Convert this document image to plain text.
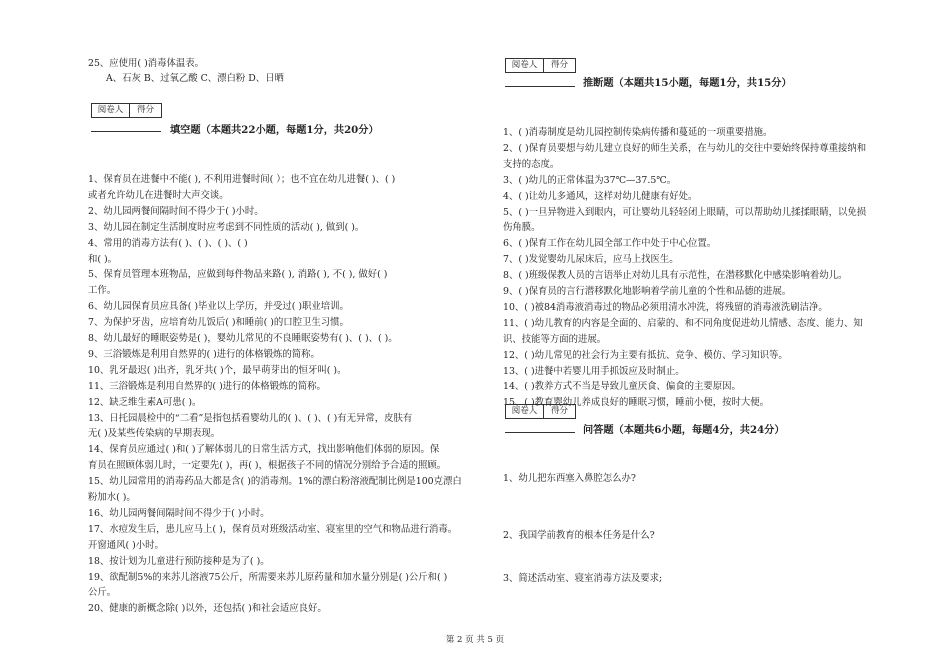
25、应使用( )消毒体温表。
A、石灰 B、过氧乙酸 C、漂白粉 D、日晒
阅卷人	得分
填空题（本题共22小题，每题1分，共20分）
1、保育员在进餐中不能( ), 不利用进餐时间( ）；也不宜在幼儿进餐( )、( )
或者允许幼儿在进餐时大声交谈。
2、幼儿园两餐间隔时间不得少于( )小时。
3、幼儿园在制定生活制度时应考虑到不同性质的活动( ), 做到( )。
4、常用的消毒方法有( )、( )、( )、( )
和( )。
5、保育员管理本班物品，应做到每件物品来路( ), 消路( ), 不( ), 做好( )
工作。
6、幼儿园保育员应具备( )毕业以上学历，并受过( )职业培训。
7、为保护牙齿，应培育幼儿饭后( )和睡前( )的口腔卫生习惯。
8、幼儿最好的睡眠姿势是( )，婴幼儿常见的不良睡眠姿势有( )、( )、( )。
9、三浴锻炼是利用自然界的( )进行的体格锻炼的简称。
10、乳牙最迟( )出齐，乳牙共( )个，最早萌芽出的恒牙叫( )。
11、三浴锻炼是利用自然界的( )进行的体格锻炼的简称。
12、缺乏维生素A可患( )。
13、日托园晨检中的“二看”是指包括看婴幼儿的( )、( )、( )有无异常，皮肤有
无( )及某些传染病的早期表现。
14、保育员应通过( )和( )了解体弱儿的日常生活方式，找出影响他们体弱的原因。保
育员在照顾体弱儿时，一定要先( )，再( )，根据孩子不同的情况分别给予合适的照顾。
15、幼儿园常用的消毒药品大都是含( )的消毒剂。1%的漂白粉溶液配制比例是100克漂白
粉加水( )。
16、幼儿园两餐间隔时间不得少于( )小时。
17、水痘发生后，患儿应马上( )，保育员对班级活动室、寝室里的空气和物品进行消毒。
开窗通风( )小时。
18、按计划为儿童进行预防接种是为了( )。
19、欲配制5%的来苏儿溶液75公斤，所需要来苏儿原药量和加水量分别是( )公斤和( )
公斤。
20、健康的新概念除( )以外，还包括( )和社会适应良好。
阅卷人	得分
推断题（本题共15小题，每题1分，共15分）
1、( )消毒制度是幼儿园控制传染病传播和蔓延的一项重要措施。
2、( )保育员要想与幼儿建立良好的师生关系，在与幼儿的交往中要始终保持尊重接纳和
支持的态度。
3、( )幼儿的正常体温为37℃—37.5℃。
4、( )让幼儿多通风，这样对幼儿健康有好处。
5、( )一旦异物进入到眼内，可让婴幼儿轻轻闭上眼睛，可以帮助幼儿揉揉眼睛，以免损
伤角膜。
6、( )保育工作在幼儿园全部工作中处于中心位置。
7、( )发觉婴幼儿尿床后，应马上找医生。
8、( )班级保教人员的言语举止对幼儿具有示范性，在潜移默化中感染影响着幼儿。
9、( )保育员的言行潜移默化地影响着学前儿童的个性和品德的进展。
10、( )被84消毒液消毒过的物品必须用清水冲洗，将残留的消毒液洗刷洁净。
11、( )幼儿教育的内容是全面的、启蒙的、和不同角度促进幼儿情感、态度、能力、知
识、技能等方面的进展。
12、( )幼儿常见的社会行为主要有抵抗、竞争、模仿、学习知识等。
13、( )进餐中若婴儿用手抓饭应及时制止。
14、( )教养方式不当是导致儿童厌食、偏食的主要原因。
15、( )教育婴幼儿养成良好的睡眠习惯，睡前小便，按时大便。
阅卷人	得分
问答题（本题共6小题，每题4分，共24分）
1、幼儿把东西塞入鼻腔怎么办?
2、我国学前教育的根本任务是什么?
3、简述活动室、寝室消毒方法及要求;
第 2 页 共 5 页
